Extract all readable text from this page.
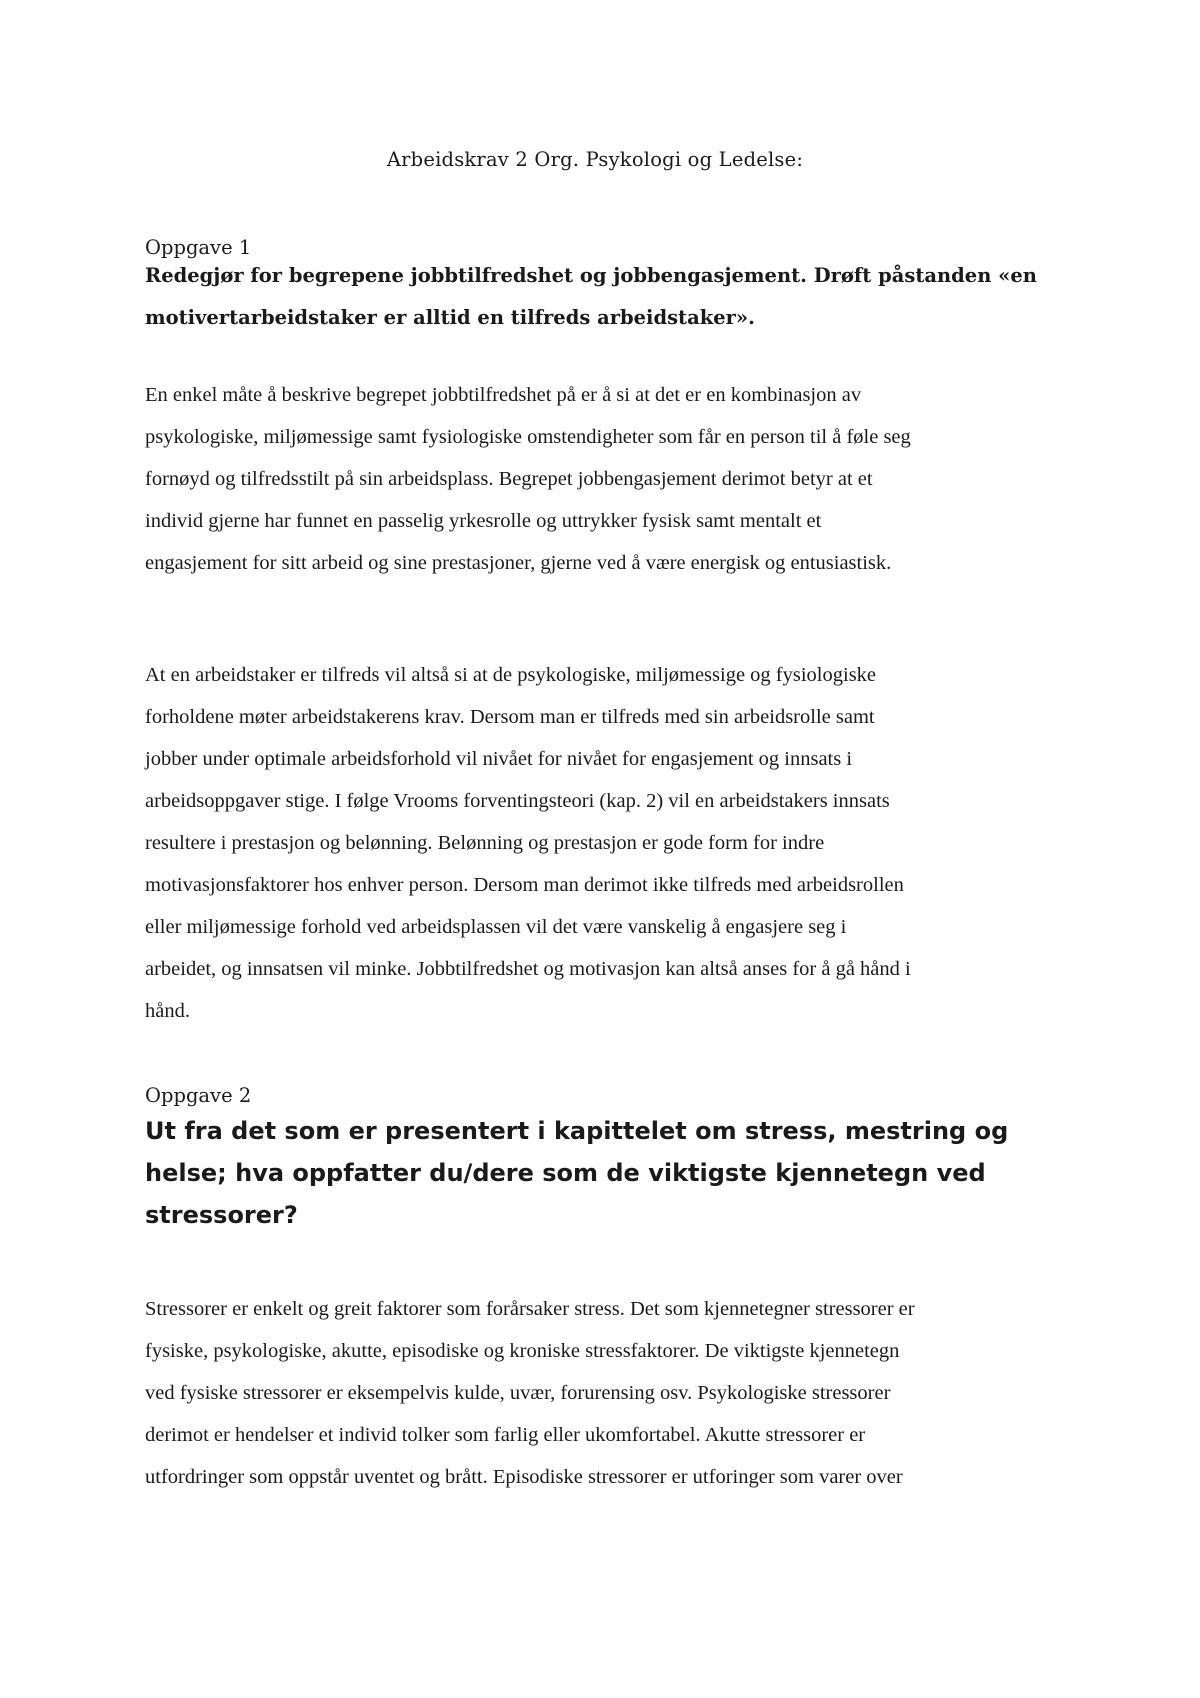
Arbeidskrav 2 Org. Psykologi og Ledelse:
Oppgave 1

Redegjør for begrepene jobbtilfredshet og jobbengasjement. Drøft påstanden «en
motivertarbeidstaker er alltid en tilfreds arbeidstaker».

En enkel måte å beskrive begrepet jobbtilfredshet på er å si at det er en kombinasjon av
psykologiske, miljømessige samt fysiologiske omstendigheter som får en person til å føle seg
fornøyd og tilfredsstilt på sin arbeidsplass. Begrepet jobbengasjement derimot betyr at et
individ gjerne har funnet en passelig yrkesrolle og uttrykker fysisk samt mentalt et
engasjement for sitt arbeid og sine prestasjoner, gjerne ved å være energisk og entusiastisk.

At en arbeidstaker er tilfreds vil altså si at de psykologiske, miljømessige og fysiologiske
forholdene møter arbeidstakerens krav. Dersom man er tilfreds med sin arbeidsrolle samt
jobber under optimale arbeidsforhold vil nivået for nivået for engasjement og innsats i
arbeidsoppgaver stige. I følge Vrooms forventingsteori (kap. 2) vil en arbeidstakers innsats
resultere i prestasjon og belønning. Belønning og prestasjon er gode form for indre
motivasjonsfaktorer hos enhver person. Dersom man derimot ikke tilfreds med arbeidsrollen
eller miljømessige forhold ved arbeidsplassen vil det være vanskelig å engasjere seg i
arbeidet, og innsatsen vil minke. Jobbtilfredshet og motivasjon kan altså anses for å gå hånd i
hånd.

Oppgave 2

Ut fra det som er presentert i kapittelet om stress, mestring og
helse; hva oppfatter du/dere som de viktigste kjennetegn ved
stressorer?

Stressorer er enkelt og greit faktorer som forårsaker stress. Det som kjennetegner stressorer er
fysiske, psykologiske, akutte, episodiske og kroniske stressfaktorer. De viktigste kjennetegn
ved fysiske stressorer er eksempelvis kulde, uvær, forurensing osv. Psykologiske stressorer
derimot er hendelser et individ tolker som farlig eller ukomfortabel. Akutte stressorer er
utfordringer som oppstår uventet og brått. Episodiske stressorer er utforinger som varer over
